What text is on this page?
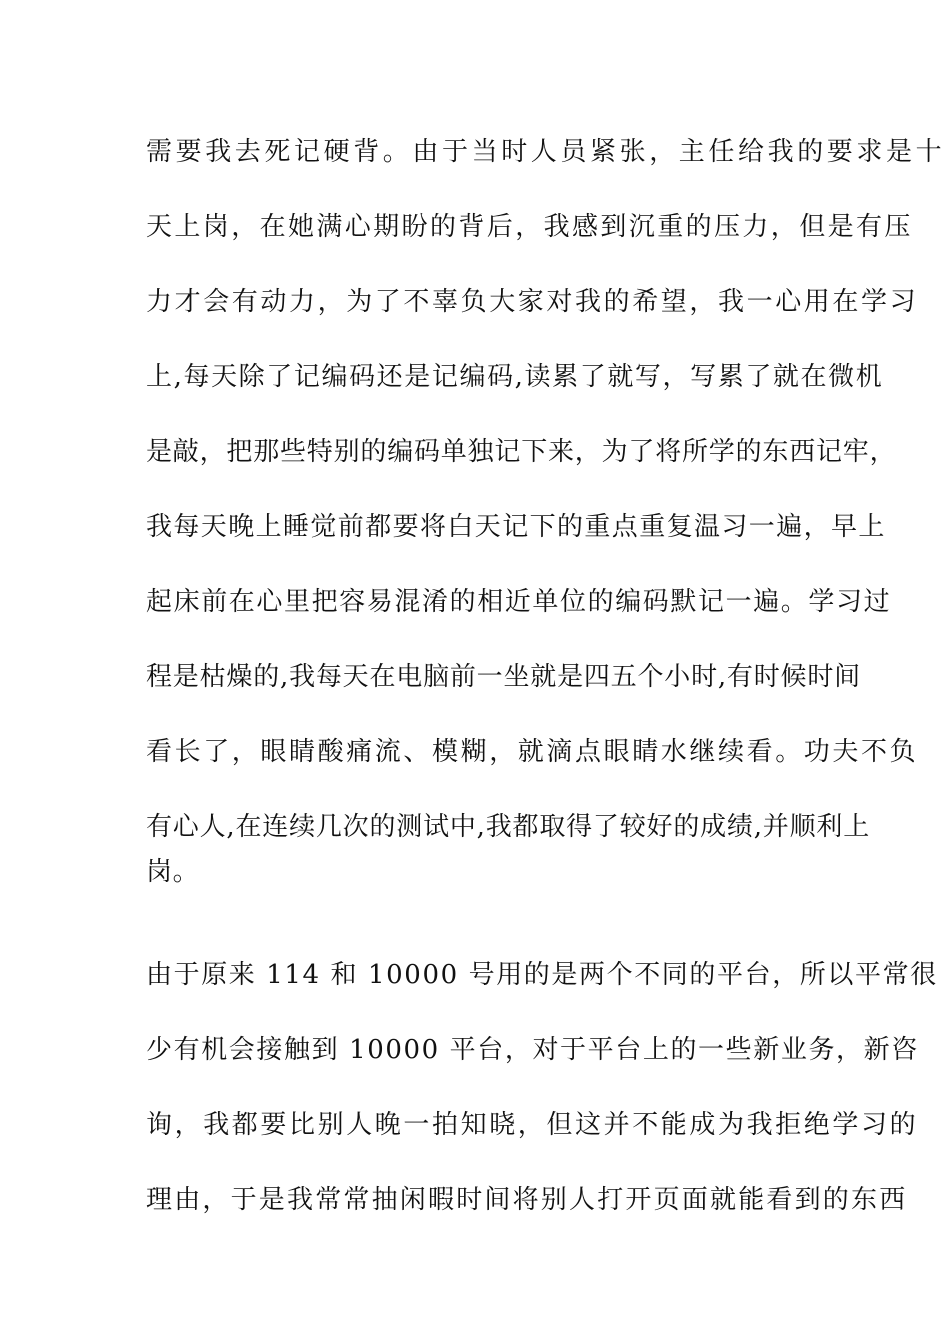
需要我去死记硬背。由于当时人员紧张，主任给我的要求是十
天上岗，在她满心期盼的背后，我感到沉重的压力，但是有压
力才会有动力，为了不辜负大家对我的希望，我一心用在学习
上,每天除了记编码还是记编码,读累了就写，写累了就在微机
是敲，把那些特别的编码单独记下来，为了将所学的东西记牢，
我每天晚上睡觉前都要将白天记下的重点重复温习一遍，早上
起床前在心里把容易混淆的相近单位的编码默记一遍。学习过
程是枯燥的,我每天在电脑前一坐就是四五个小时,有时候时间
看长了，眼睛酸痛流、模糊，就滴点眼睛水继续看。功夫不负
有心人,在连续几次的测试中,我都取得了较好的成绩,并顺利上
岗。
由于原来 114 和 10000 号用的是两个不同的平台，所以平常很
少有机会接触到 10000 平台，对于平台上的一些新业务，新咨
询，我都要比别人晚一拍知晓，但这并不能成为我拒绝学习的
理由，于是我常常抽闲暇时间将别人打开页面就能看到的东西
